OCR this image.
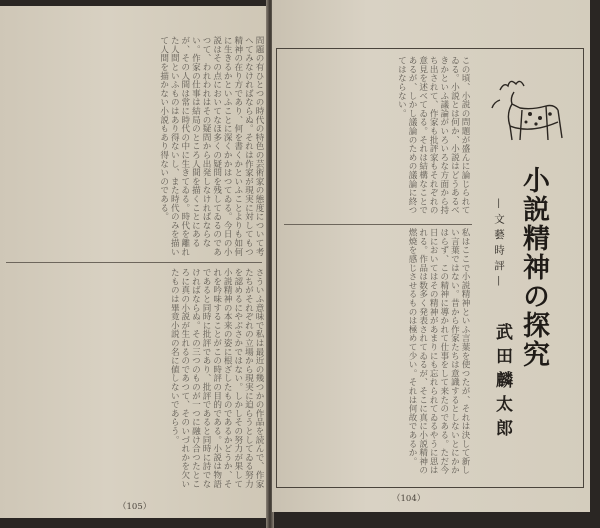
問題の有ひとつの時代の特色の芸術家の態度について考へてみなければならぬ。それは作家が現実に対してもつ精神の在り方であり、何を書くかといふことよりも如何に生きるかといふことに深くかかはつてゐる。今日の小説はその点においてなほ多くの疑問を残してゐるのであつて、われわれはその疑問から出発しなければならない。作家の仕事は結局のところ人間を描くことにあるが、その人間は常に時代の中に生きてゐる。時代を離れた人間といふものはあり得ないし、また時代のみを描いて人間を描かない小説もあり得ないのである。
さういふ意味で私は最近の幾つかの作品を読んで、作家たちがそれぞれの立場から現実に迫らうとしてゐる努力を認めるにやぶさかではない。しかしその努力が果して小説精神の本来の姿に根ざしたものであるかどうか、それを吟味することがこの時評の目的である。小説は物語であると同時に批評であり、批評であると同時に詩でなければならぬ。その三つのものが一つに融け合つたところに真の小説が生れるのであつて、そのいづれかを欠いたものは畢竟小説の名に値しないであらう。
（105）
この頃、小説の問題が盛んに論じられてゐる。小説とは何か、小説はどうあるべきかといふ議論がいろいろな方面から持ち出されて、作家も批評家もそれぞれの意見を述べてゐる。それは結構なことであるが、しかし議論のための議論に終つてはならない。
私はここで小説精神といふ言葉を使つたが、それは決して新しい言葉ではない。昔から作家たちは意識するとしないとにかかはらず、この精神に導かれて仕事をして来たのである。ただ今日においてはその精神があまりにも忘れられてゐるやうに思はれる。作品は数多く発表されてゐるが、そこに真に小説精神の燃焼を感じさせるものは極めて少い。それは何故であるか。	小説精神の探究
—文藝時評—
武田麟太郎
（104）
